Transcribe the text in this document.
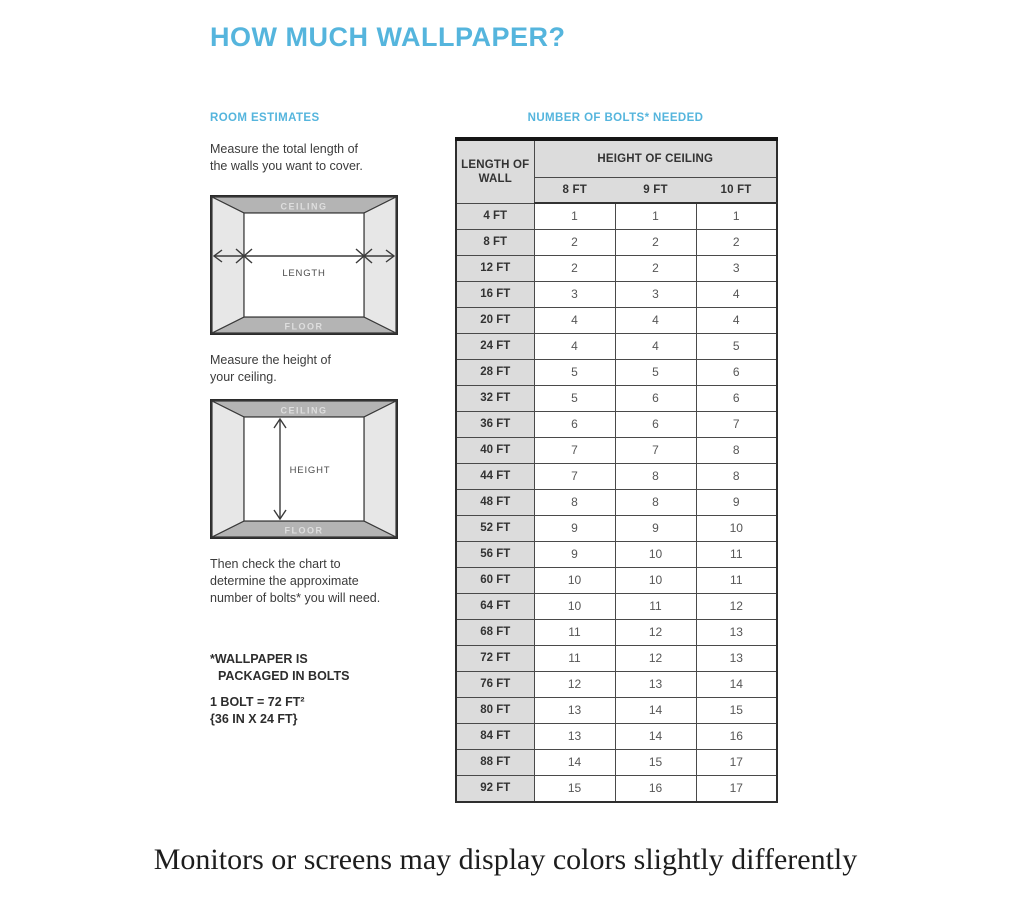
HOW MUCH WALLPAPER?
ROOM ESTIMATES	NUMBER OF BOLTS* NEEDED
Measure the total length of
the walls you want to cover.
CEILING
FLOOR
LENGTH
Measure the height of
your ceiling.
CEILING
FLOOR
HEIGHT
Then check the chart to
determine the approximate
number of bolts* you will need.
*WALLPAPER IS
PACKAGED IN BOLTS
1 BOLT = 72 FT²
{36 IN X 24 FT}
LENGTH OF WALL	HEIGHT OF CEILING		
	8 FT	9 FT	10 FT
4 FT	1	1	1
8 FT	2	2	2
12 FT	2	2	3
16 FT	3	3	4
20 FT	4	4	4
24 FT	4	4	5
28 FT	5	5	6
32 FT	5	6	6
36 FT	6	6	7
40 FT	7	7	8
44 FT	7	8	8
48 FT	8	8	9
52 FT	9	9	10
56 FT	9	10	11
60 FT	10	10	11
64 FT	10	11	12
68 FT	11	12	13
72 FT	11	12	13
76 FT	12	13	14
80 FT	13	14	15
84 FT	13	14	16
88 FT	14	15	17
92 FT	15	16	17
Monitors or screens may display colors slightly differently
